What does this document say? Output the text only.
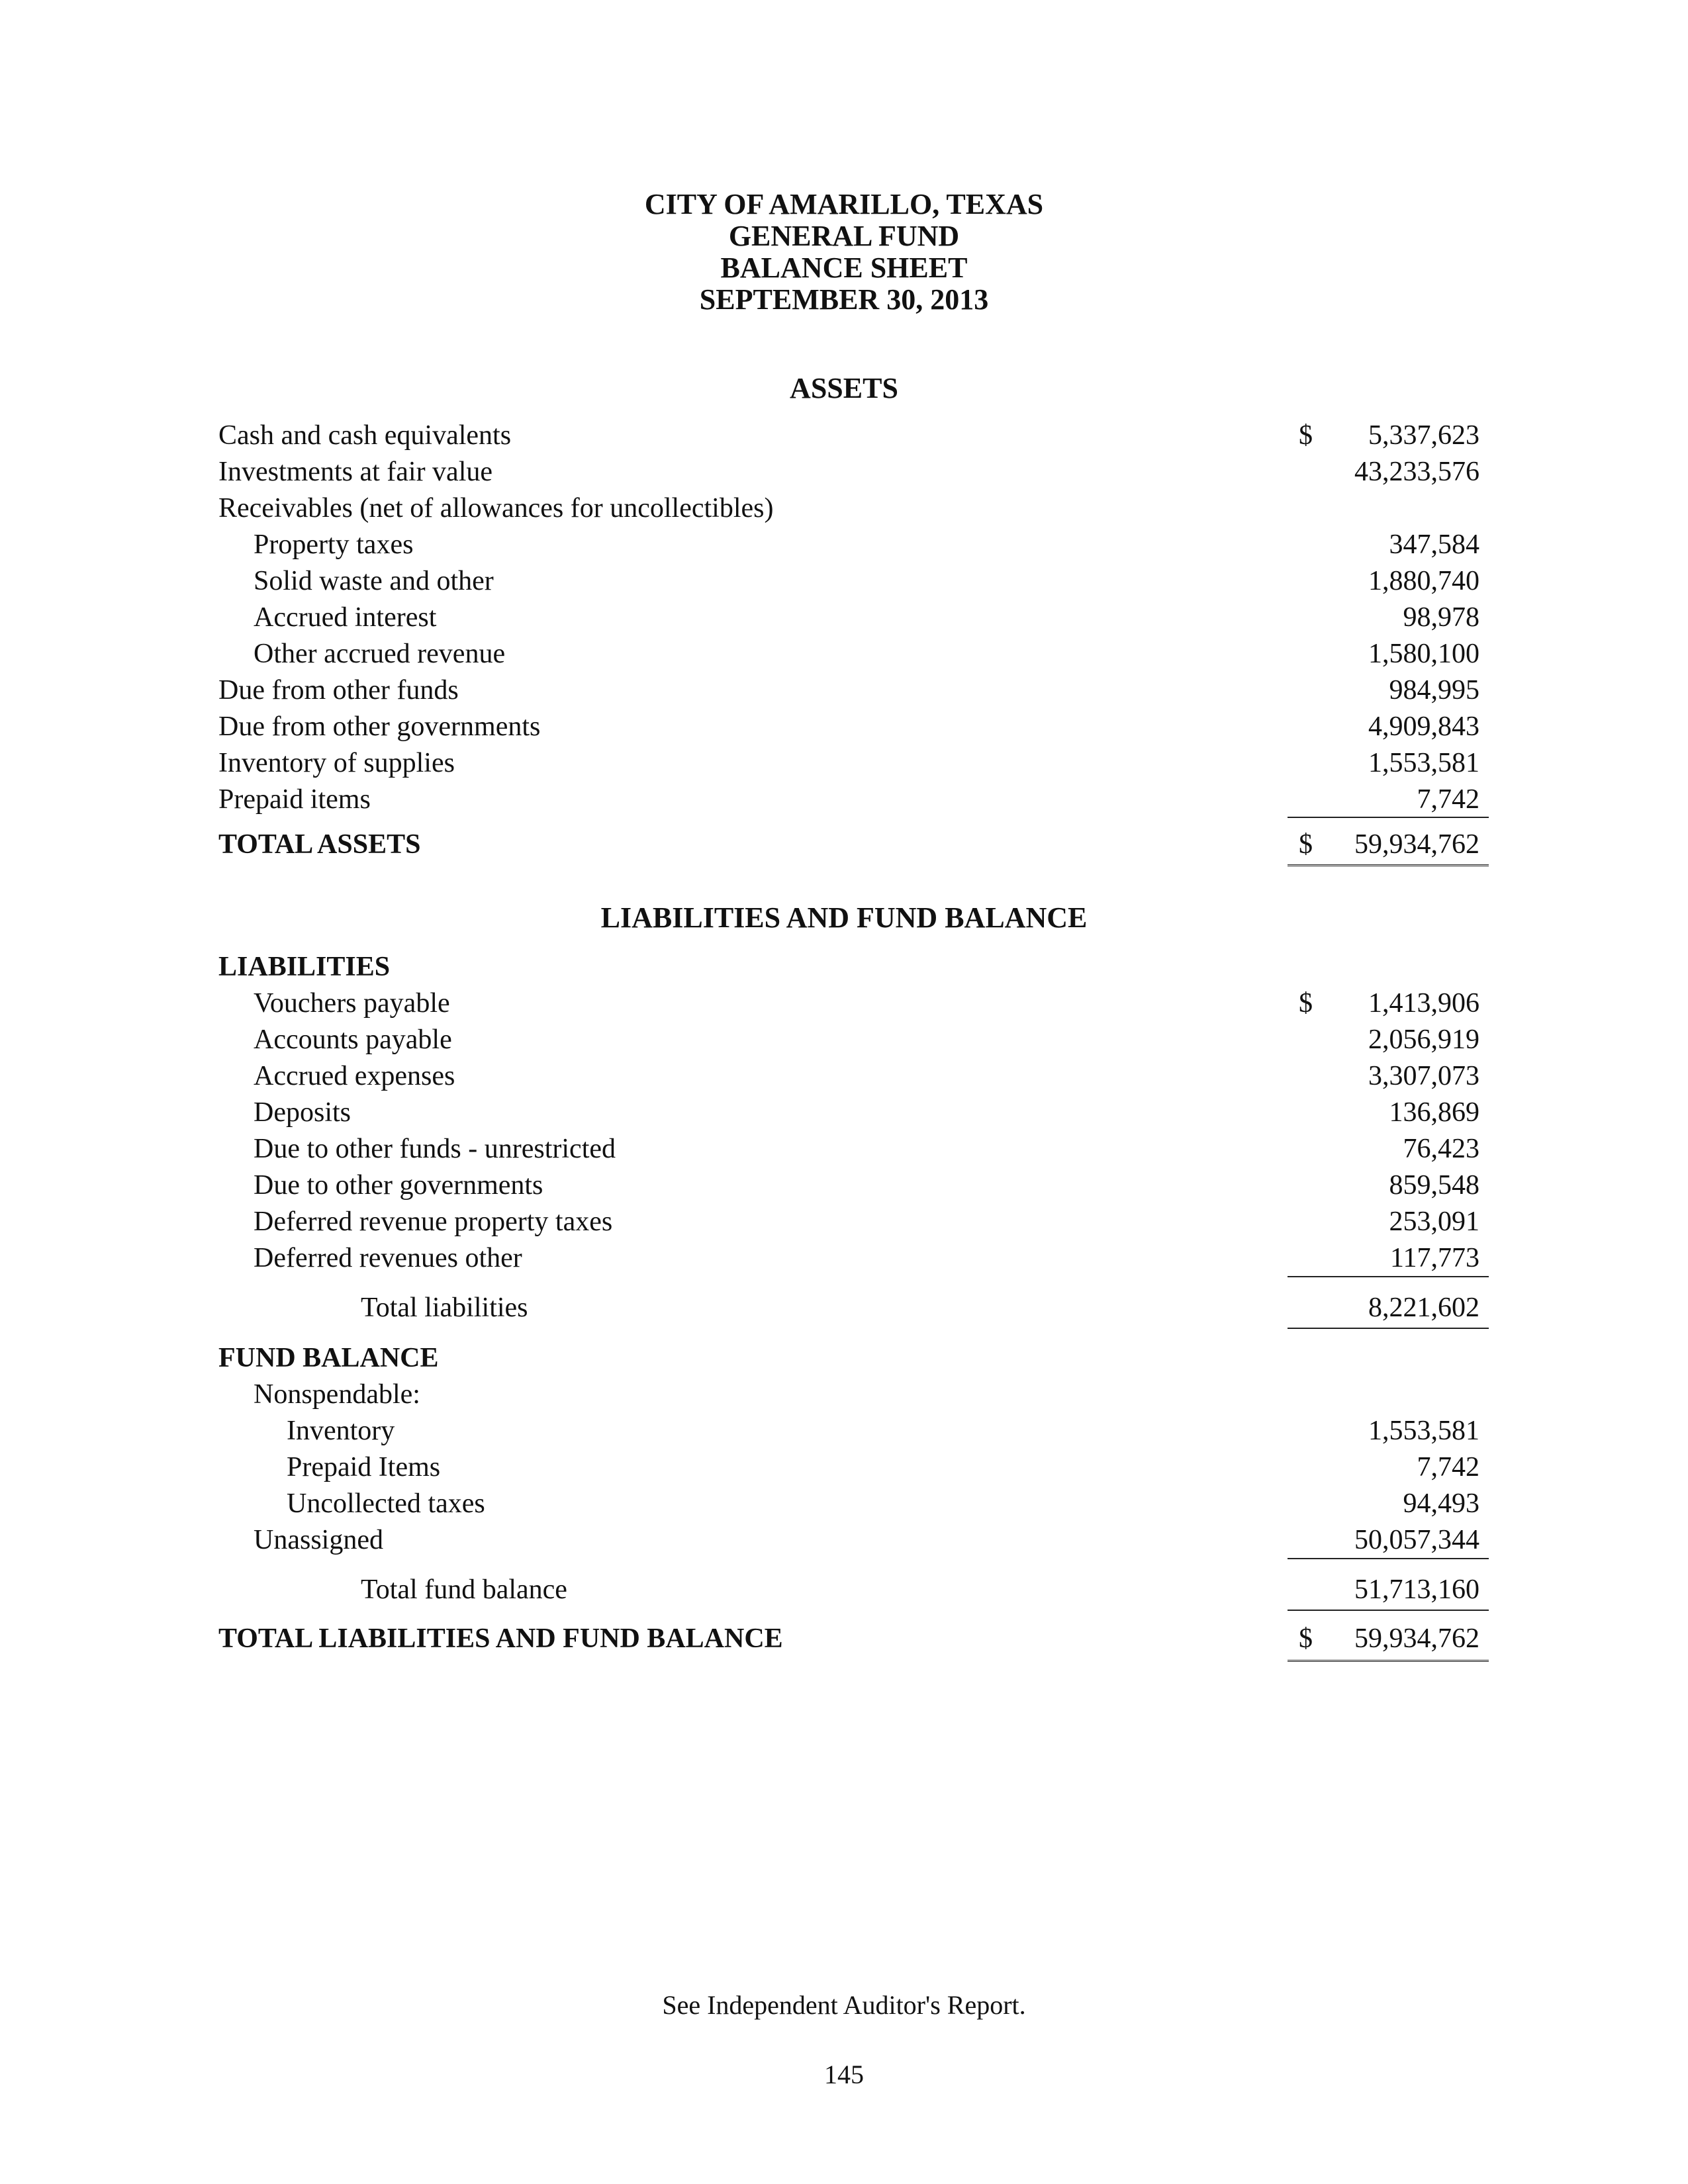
CITY OF AMARILLO, TEXAS
GENERAL FUND
BALANCE SHEET
SEPTEMBER 30, 2013
ASSETS
Cash and cash equivalents	$	5,337,623
Investments at fair value	43,233,576
Receivables (net of allowances for uncollectibles)
Property taxes	347,584
Solid waste and other	1,880,740
Accrued interest	98,978
Other accrued revenue	1,580,100
Due from other funds	984,995
Due from other governments	4,909,843
Inventory of supplies	1,553,581
Prepaid items	7,742
TOTAL ASSETS	$	59,934,762
LIABILITIES AND FUND BALANCE
LIABILITIES
Vouchers payable	$	1,413,906
Accounts payable	2,056,919
Accrued expenses	3,307,073
Deposits	136,869
Due to other funds - unrestricted	76,423
Due to other governments	859,548
Deferred revenue property taxes	253,091
Deferred revenues other	117,773
Total liabilities	8,221,602
FUND BALANCE
Nonspendable:
Inventory	1,553,581
Prepaid Items	7,742
Uncollected taxes	94,493
Unassigned	50,057,344
Total fund balance	51,713,160
TOTAL LIABILITIES AND FUND BALANCE	$	59,934,762
See Independent Auditor's Report.
145
